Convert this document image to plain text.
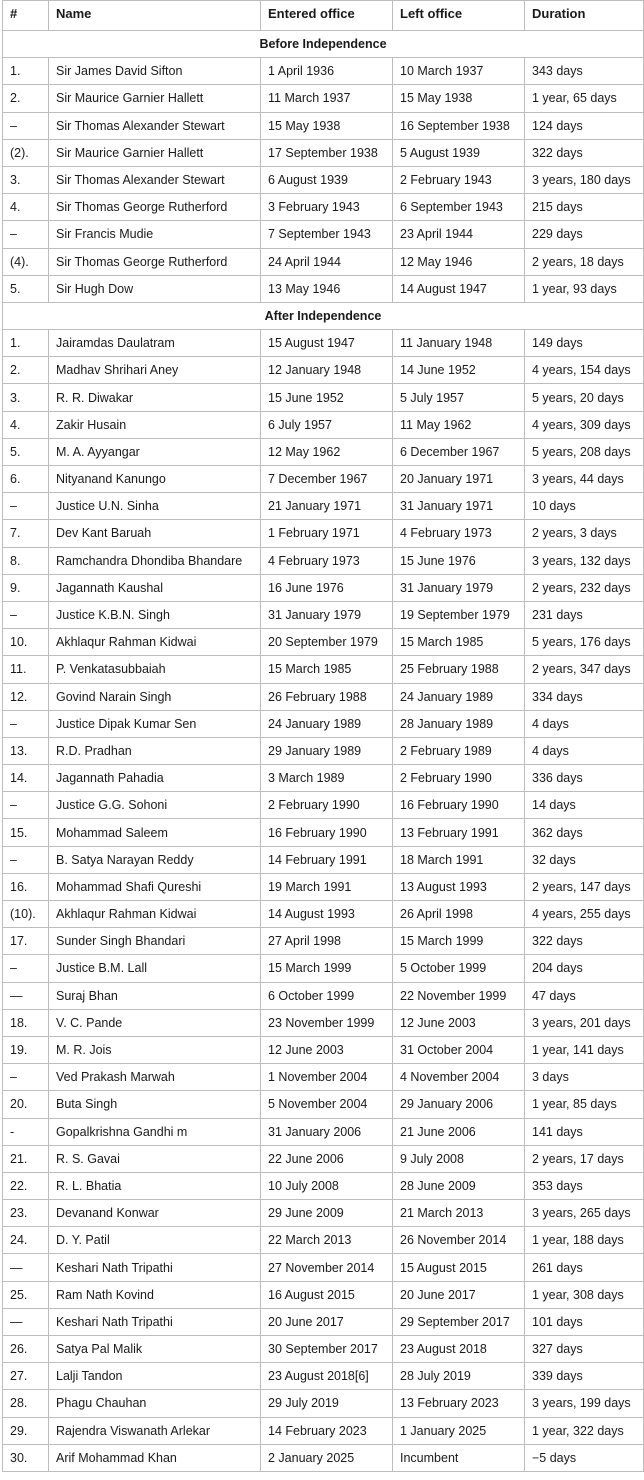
#	Name	Entered office	Left office	Duration
Before Independence				
1.	Sir James David Sifton	1 April 1936	10 March 1937	343 days
2.	Sir Maurice Garnier Hallett	11 March 1937	15 May 1938	1 year, 65 days
–	Sir Thomas Alexander Stewart	15 May 1938	16 September 1938	124 days
(2).	Sir Maurice Garnier Hallett	17 September 1938	5 August 1939	322 days
3.	Sir Thomas Alexander Stewart	6 August 1939	2 February 1943	3 years, 180 days
4.	Sir Thomas George Rutherford	3 February 1943	6 September 1943	215 days
–	Sir Francis Mudie	7 September 1943	23 April 1944	229 days
(4).	Sir Thomas George Rutherford	24 April 1944	12 May 1946	2 years, 18 days
5.	Sir Hugh Dow	13 May 1946	14 August 1947	1 year, 93 days
After Independence				
1.	Jairamdas Daulatram	15 August 1947	11 January 1948	149 days
2.	Madhav Shrihari Aney	12 January 1948	14 June 1952	4 years, 154 days
3.	R. R. Diwakar	15 June 1952	5 July 1957	5 years, 20 days
4.	Zakir Husain	6 July 1957	11 May 1962	4 years, 309 days
5.	M. A. Ayyangar	12 May 1962	6 December 1967	5 years, 208 days
6.	Nityanand Kanungo	7 December 1967	20 January 1971	3 years, 44 days
–	Justice U.N. Sinha	21 January 1971	31 January 1971	10 days
7.	Dev Kant Baruah	1 February 1971	4 February 1973	2 years, 3 days
8.	Ramchandra Dhondiba Bhandare	4 February 1973	15 June 1976	3 years, 132 days
9.	Jagannath Kaushal	16 June 1976	31 January 1979	2 years, 232 days
–	Justice K.B.N. Singh	31 January 1979	19 September 1979	231 days
10.	Akhlaqur Rahman Kidwai	20 September 1979	15 March 1985	5 years, 176 days
11.	P. Venkatasubbaiah	15 March 1985	25 February 1988	2 years, 347 days
12.	Govind Narain Singh	26 February 1988	24 January 1989	334 days
–	Justice Dipak Kumar Sen	24 January 1989	28 January 1989	4 days
13.	R.D. Pradhan	29 January 1989	2 February 1989	4 days
14.	Jagannath Pahadia	3 March 1989	2 February 1990	336 days
–	Justice G.G. Sohoni	2 February 1990	16 February 1990	14 days
15.	Mohammad Saleem	16 February 1990	13 February 1991	362 days
–	B. Satya Narayan Reddy	14 February 1991	18 March 1991	32 days
16.	Mohammad Shafi Qureshi	19 March 1991	13 August 1993	2 years, 147 days
(10).	Akhlaqur Rahman Kidwai	14 August 1993	26 April 1998	4 years, 255 days
17.	Sunder Singh Bhandari	27 April 1998	15 March 1999	322 days
–	Justice B.M. Lall	15 March 1999	5 October 1999	204 days
—	Suraj Bhan	6 October 1999	22 November 1999	47 days
18.	V. C. Pande	23 November 1999	12 June 2003	3 years, 201 days
19.	M. R. Jois	12 June 2003	31 October 2004	1 year, 141 days
–	Ved Prakash Marwah	1 November 2004	4 November 2004	3 days
20.	Buta Singh	5 November 2004	29 January 2006	1 year, 85 days
-	Gopalkrishna Gandhi m	31 January 2006	21 June 2006	141 days
21.	R. S. Gavai	22 June 2006	9 July 2008	2 years, 17 days
22.	R. L. Bhatia	10 July 2008	28 June 2009	353 days
23.	Devanand Konwar	29 June 2009	21 March 2013	3 years, 265 days
24.	D. Y. Patil	22 March 2013	26 November 2014	1 year, 188 days
—	Keshari Nath Tripathi	27 November 2014	15 August 2015	261 days
25.	Ram Nath Kovind	16 August 2015	20 June 2017	1 year, 308 days
—	Keshari Nath Tripathi	20 June 2017	29 September 2017	101 days
26.	Satya Pal Malik	30 September 2017	23 August 2018	327 days
27.	Lalji Tandon	23 August 2018[6]	28 July 2019	339 days
28.	Phagu Chauhan	29 July 2019	13 February 2023	3 years, 199 days
29.	Rajendra Viswanath Arlekar	14 February 2023	1 January 2025	1 year, 322 days
30.	Arif Mohammad Khan	2 January 2025	Incumbent	−5 days
